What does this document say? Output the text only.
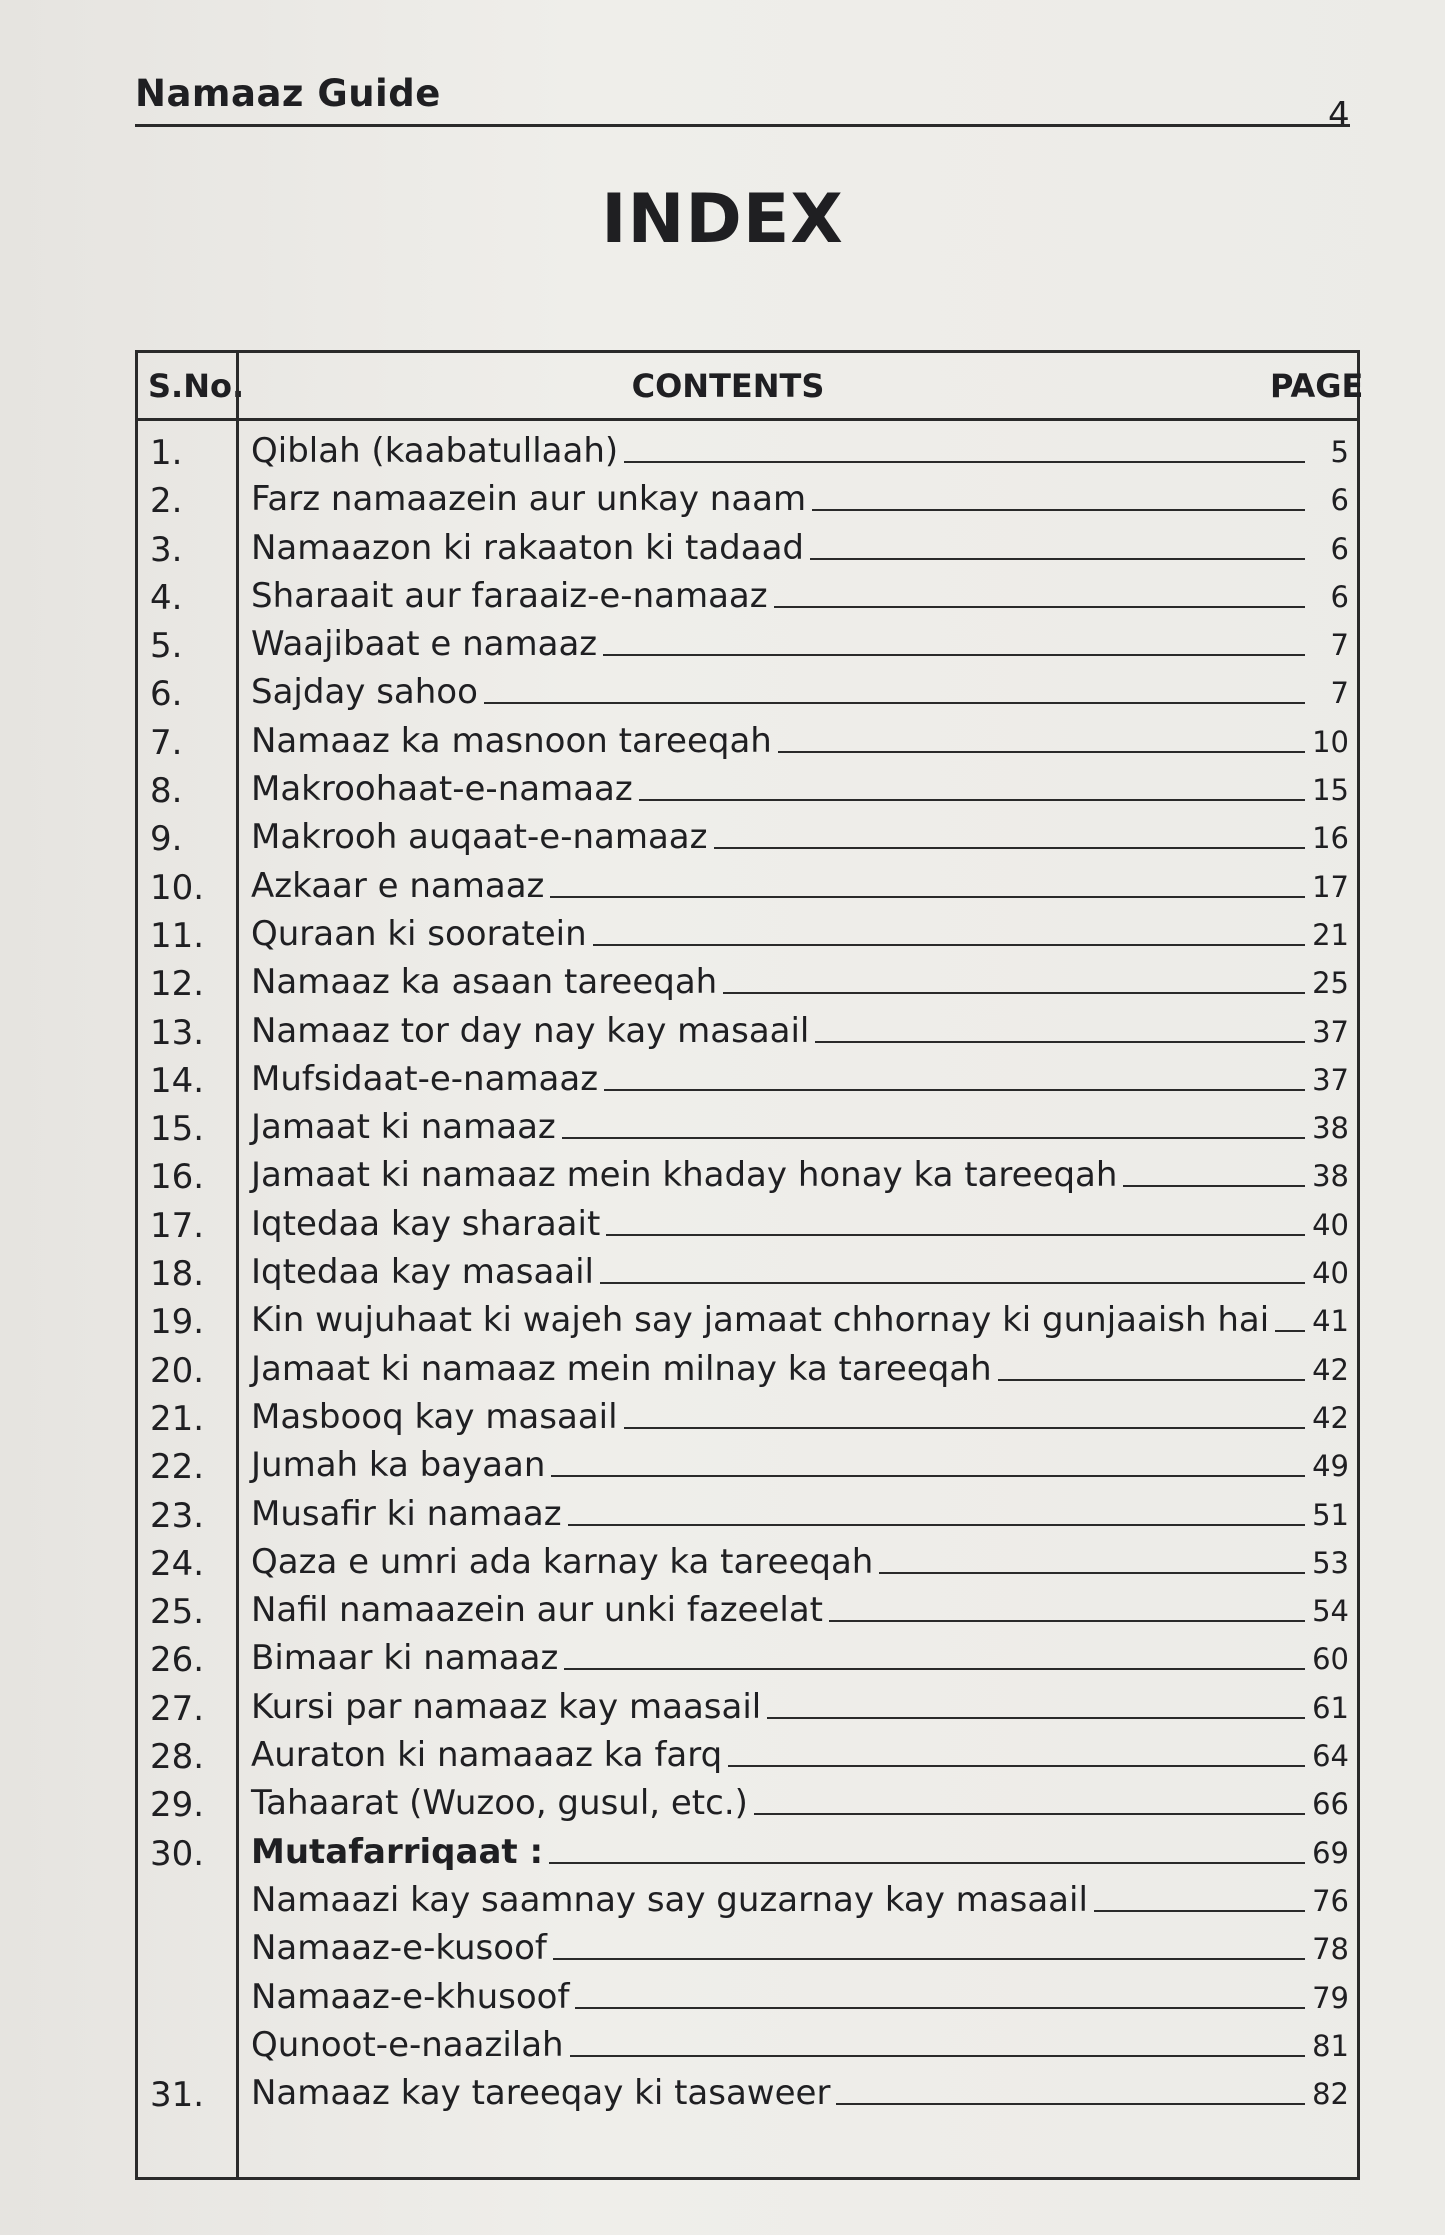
Namaaz Guide	4
INDEX
S.No.	CONTENTS	PAGE
1.	Qiblah (kaabatullaah)	5
2.	Farz namaazein aur unkay naam	6
3.	Namaazon ki rakaaton ki tadaad	6
4.	Sharaait aur faraaiz-e-namaaz	6
5.	Waajibaat e namaaz	7
6.	Sajday sahoo	7
7.	Namaaz ka masnoon tareeqah	10
8.	Makroohaat-e-namaaz	15
9.	Makrooh auqaat-e-namaaz	16
10.	Azkaar e namaaz	17
11.	Quraan ki sooratein	21
12.	Namaaz ka asaan tareeqah	25
13.	Namaaz tor day nay kay masaail	37
14.	Mufsidaat-e-namaaz	37
15.	Jamaat ki namaaz	38
16.	Jamaat ki namaaz mein khaday honay ka tareeqah	38
17.	Iqtedaa kay sharaait	40
18.	Iqtedaa kay masaail	40
19.	Kin wujuhaat ki wajeh say jamaat chhornay ki gunjaaish hai	41
20.	Jamaat ki namaaz mein milnay ka tareeqah	42
21.	Masbooq kay masaail	42
22.	Jumah ka bayaan	49
23.	Musafir ki namaaz	51
24.	Qaza e umri ada karnay ka tareeqah	53
25.	Nafil namaazein aur unki fazeelat	54
26.	Bimaar ki namaaz	60
27.	Kursi par namaaz kay maasail	61
28.	Auraton ki namaaaz ka farq	64
29.	Tahaarat (Wuzoo, gusul, etc.)	66
30.	Mutafarriqaat :	69
Namaazi kay saamnay say guzarnay kay masaail	76
Namaaz-e-kusoof	78
Namaaz-e-khusoof	79
Qunoot-e-naazilah	81
31.	Namaaz kay tareeqay ki tasaweer	82
